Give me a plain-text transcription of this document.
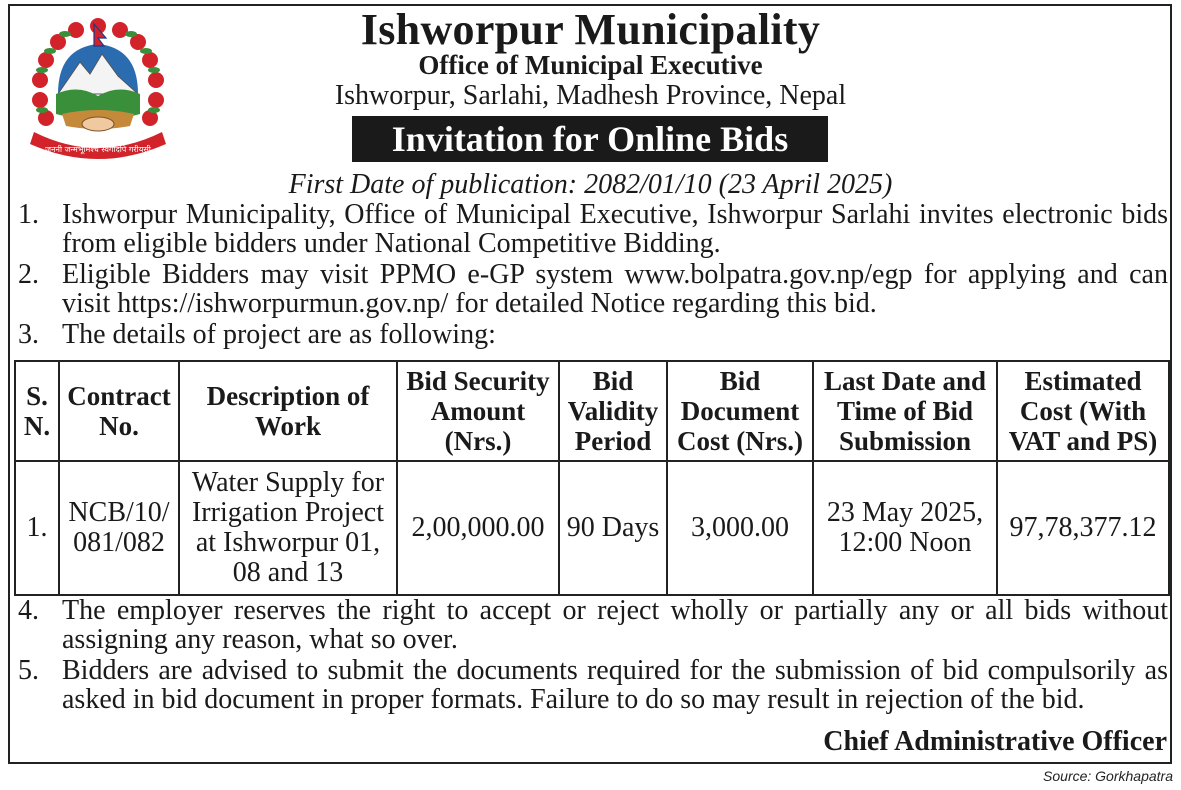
जननी जन्मभूमिश्च स्वर्गादपि गरीयसी
Ishworpur Municipality
Office of Municipal Executive
Ishworpur, Sarlahi, Madhesh Province, Nepal
Invitation for Online Bids
First Date of publication: 2082/01/10 (23 April 2025)
1. Ishworpur Municipality, Office of Municipal Executive, Ishworpur Sarlahi invites electronic bids from eligible bidders under National Competitive Bidding.
2. Eligible Bidders may visit PPMO e-GP system www.bolpatra.gov.np/egp for applying and can visit https://ishworpurmun.gov.np/ for detailed Notice regarding this bid.
3. The details of project are as following:
S. N.	Contract No.	Description of Work	Bid Security Amount (Nrs.)	Bid Validity Period	Bid Document Cost (Nrs.)	Last Date and Time of Bid Submission	Estimated Cost (With VAT and PS)
1.	NCB/10/ 081/082	Water Supply for Irrigation Project at Ishworpur 01, 08 and 13	2,00,000.00	90 Days	3,000.00	23 May 2025, 12:00 Noon	97,78,377.12
4. The employer reserves the right to accept or reject wholly or partially any or all bids without assigning any reason, what so over.
5. Bidders are advised to submit the documents required for the submission of bid compulsorily as asked in bid document in proper formats. Failure to do so may result in rejection of the bid.
Chief Administrative Officer
Source: Gorkhapatra
